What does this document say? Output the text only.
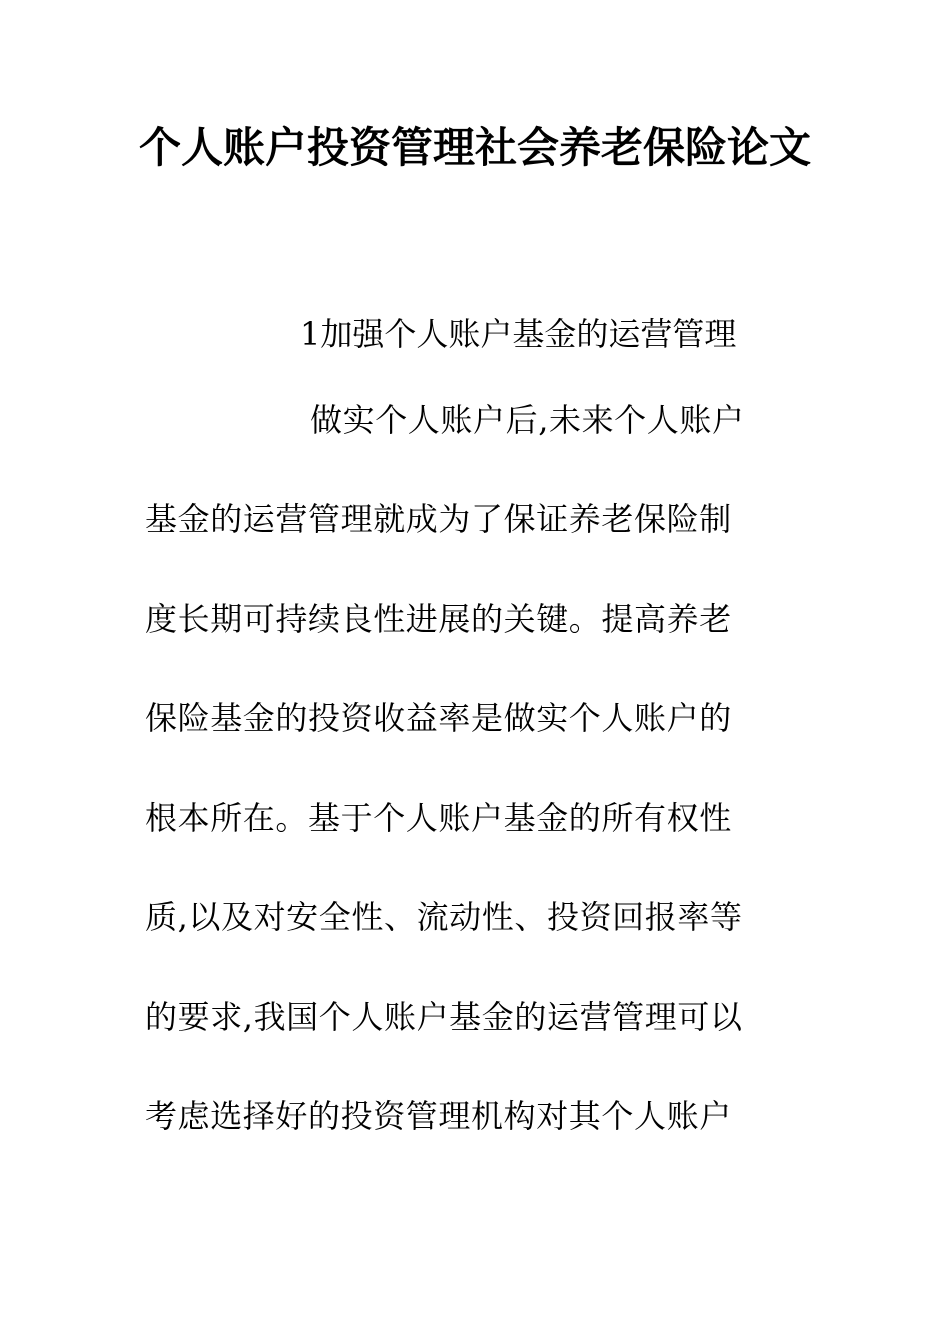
个人账户投资管理社会养老保险论文

1加强个人账户基金的运营管理

做实个人账户后,未来个人账户

基金的运营管理就成为了保证养老保险制

度长期可持续良性进展的关键。提高养老

保险基金的投资收益率是做实个人账户的

根本所在。基于个人账户基金的所有权性

质,以及对安全性、流动性、投资回报率等

的要求,我国个人账户基金的运营管理可以

考虑选择好的投资管理机构对其个人账户
